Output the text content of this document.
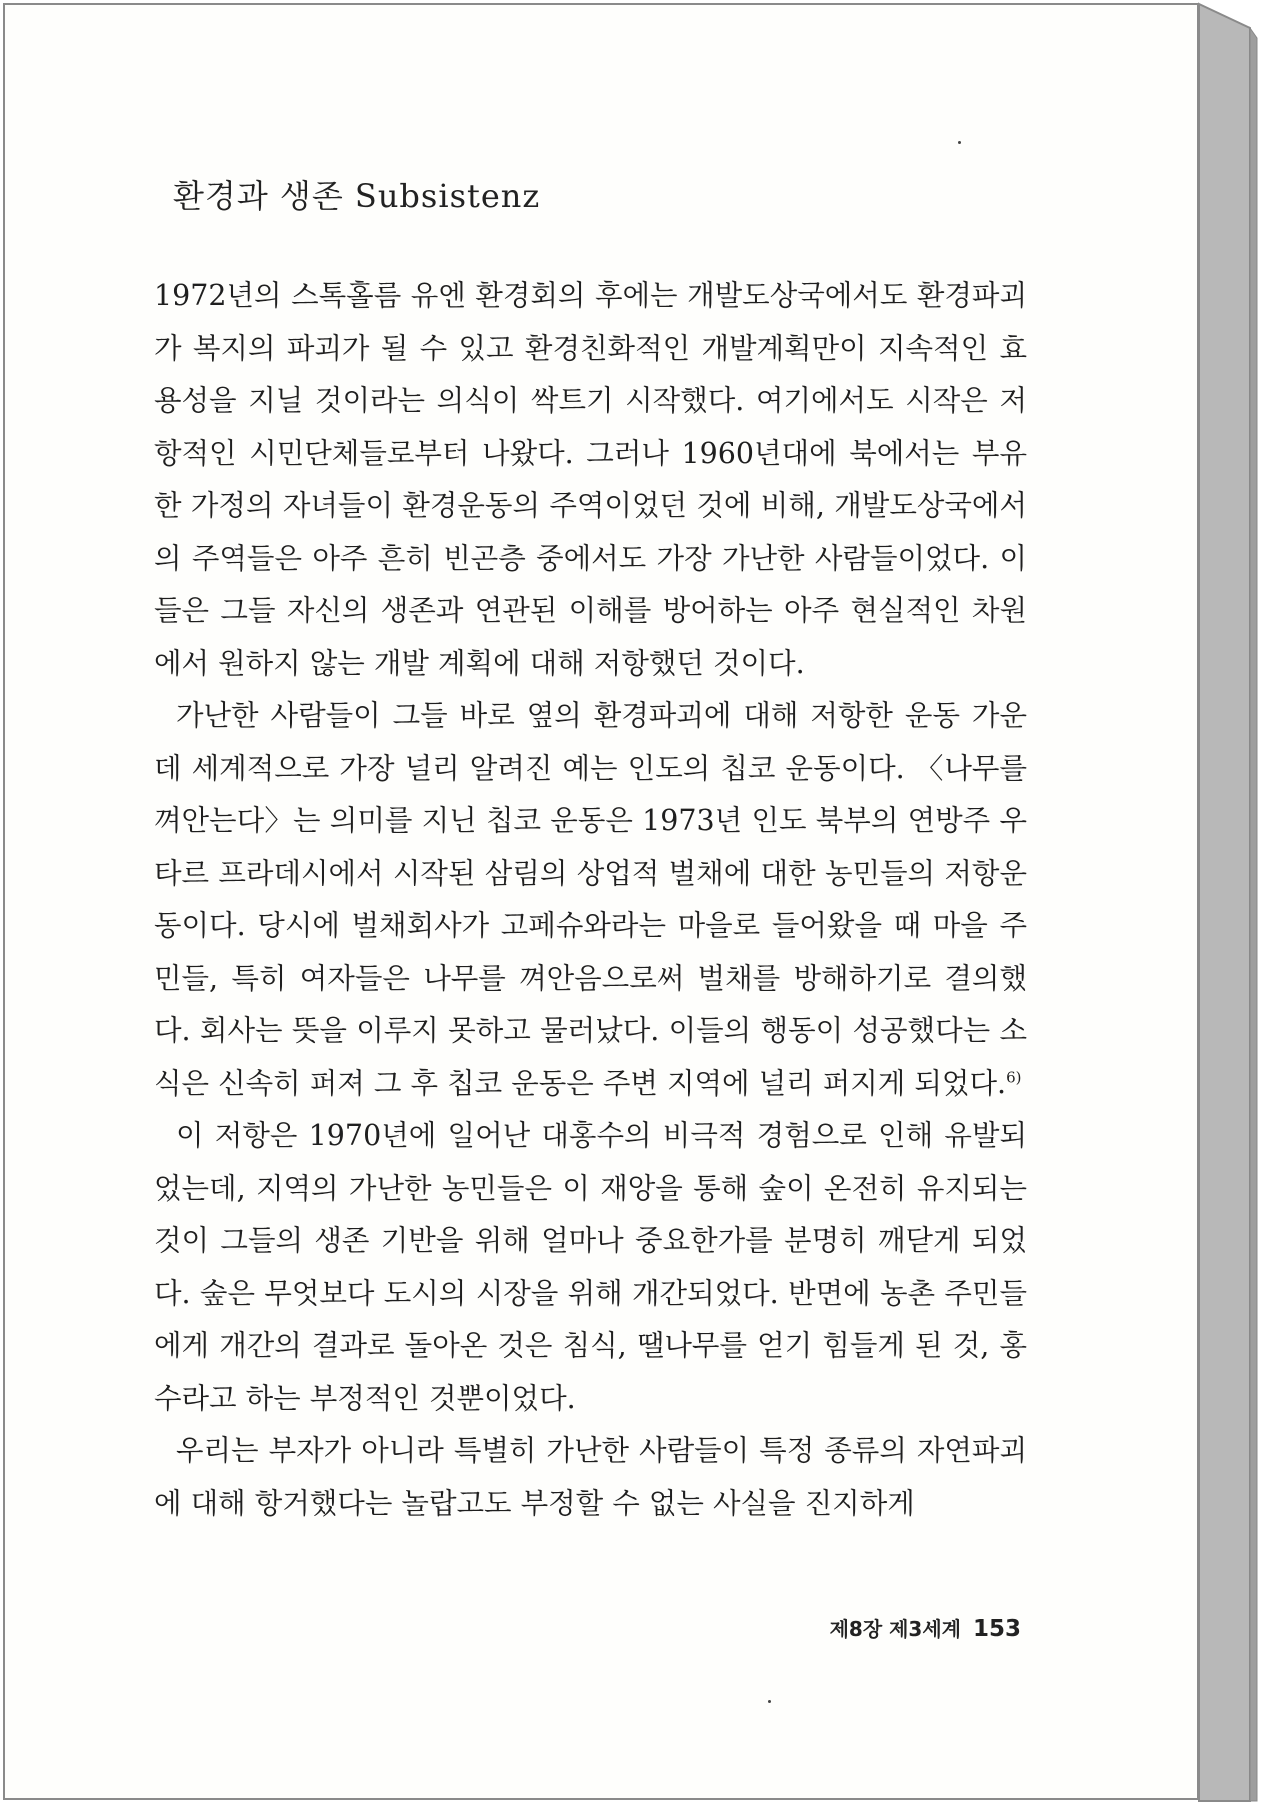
환경과 생존 Subsistenz

1972년의 스톡홀름 유엔 환경회의 후에는 개발도상국에서도 환경파괴가 복지의 파괴가 될 수 있고 환경친화적인 개발계획만이 지속적인 효용성을 지닐 것이라는 의식이 싹트기 시작했다. 여기에서도 시작은 저항적인 시민단체들로부터 나왔다. 그러나 1960년대에 북에서는 부유한 가정의 자녀들이 환경운동의 주역이었던 것에 비해, 개발도상국에서의 주역들은 아주 흔히 빈곤층 중에서도 가장 가난한 사람들이었다. 이들은 그들 자신의 생존과 연관된 이해를 방어하는 아주 현실적인 차원에서 원하지 않는 개발 계획에 대해 저항했던 것이다.

가난한 사람들이 그들 바로 옆의 환경파괴에 대해 저항한 운동 가운데 세계적으로 가장 널리 알려진 예는 인도의 칩코 운동이다. 〈나무를 껴안는다〉는 의미를 지닌 칩코 운동은 1973년 인도 북부의 연방주 우타르 프라데시에서 시작된 삼림의 상업적 벌채에 대한 농민들의 저항운동이다. 당시에 벌채회사가 고페슈와라는 마을로 들어왔을 때 마을 주민들, 특히 여자들은 나무를 껴안음으로써 벌채를 방해하기로 결의했다. 회사는 뜻을 이루지 못하고 물러났다. 이들의 행동이 성공했다는 소식은 신속히 퍼져 그 후 칩코 운동은 주변 지역에 널리 퍼지게 되었다.$^{6)}$

이 저항은 1970년에 일어난 대홍수의 비극적 경험으로 인해 유발되었는데, 지역의 가난한 농민들은 이 재앙을 통해 숲이 온전히 유지되는 것이 그들의 생존 기반을 위해 얼마나 중요한가를 분명히 깨닫게 되었다. 숲은 무엇보다 도시의 시장을 위해 개간되었다. 반면에 농촌 주민들에게 개간의 결과로 돌아온 것은 침식, 땔나무를 얻기 힘들게 된 것, 홍수라고 하는 부정적인 것뿐이었다.

우리는 부자가 아니라 특별히 가난한 사람들이 특정 종류의 자연파괴에 대해 항거했다는 놀랍고도 부정할 수 없는 사실을 진지하게

제8장 제3세계 153
